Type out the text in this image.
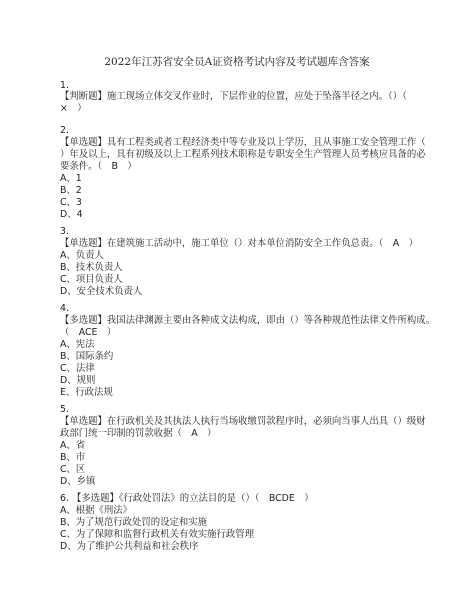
2022年江苏省安全员A证资格考试内容及考试题库含答案
1.
【判断题】施工现场立体交叉作业时，下层作业的位置，应处于坠落半径之内。（）（
×　）
2.
【单选题】具有工程类或者工程经济类中等专业及以上学历，且从事施工安全管理工作（
）年及以上，具有初级及以上工程系列技术职称是专职安全生产管理人员考核应具备的必
要条件。（　B　）
A、1
B、2
C、3
D、4
3.
【单选题】在建筑施工活动中，施工单位（）对本单位消防安全工作负总责。（　A　）
A、负责人
B、技术负责人
C、项目负责人
D、安全技术负责人
4.
【多选题】我国法律渊源主要由各种成文法构成，即由（）等各种规范性法律文件所构成。
（　ACE　）
A、宪法
B、国际条约
C、法律
D、规则
E、行政法规
5.
【单选题】在行政机关及其执法人执行当场收缴罚款程序时，必须向当事人出具（）级财
政部门统一印制的罚款收据（　A　）
A、省
B、市
C、区
D、乡镇
6. 【多选题】《行政处罚法》的立法目的是（）（　BCDE　）
A、根据《刑法》
B、为了规范行政处罚的设定和实施
C、为了保障和监督行政机关有效实施行政管理
D、为了维护公共利益和社会秩序
